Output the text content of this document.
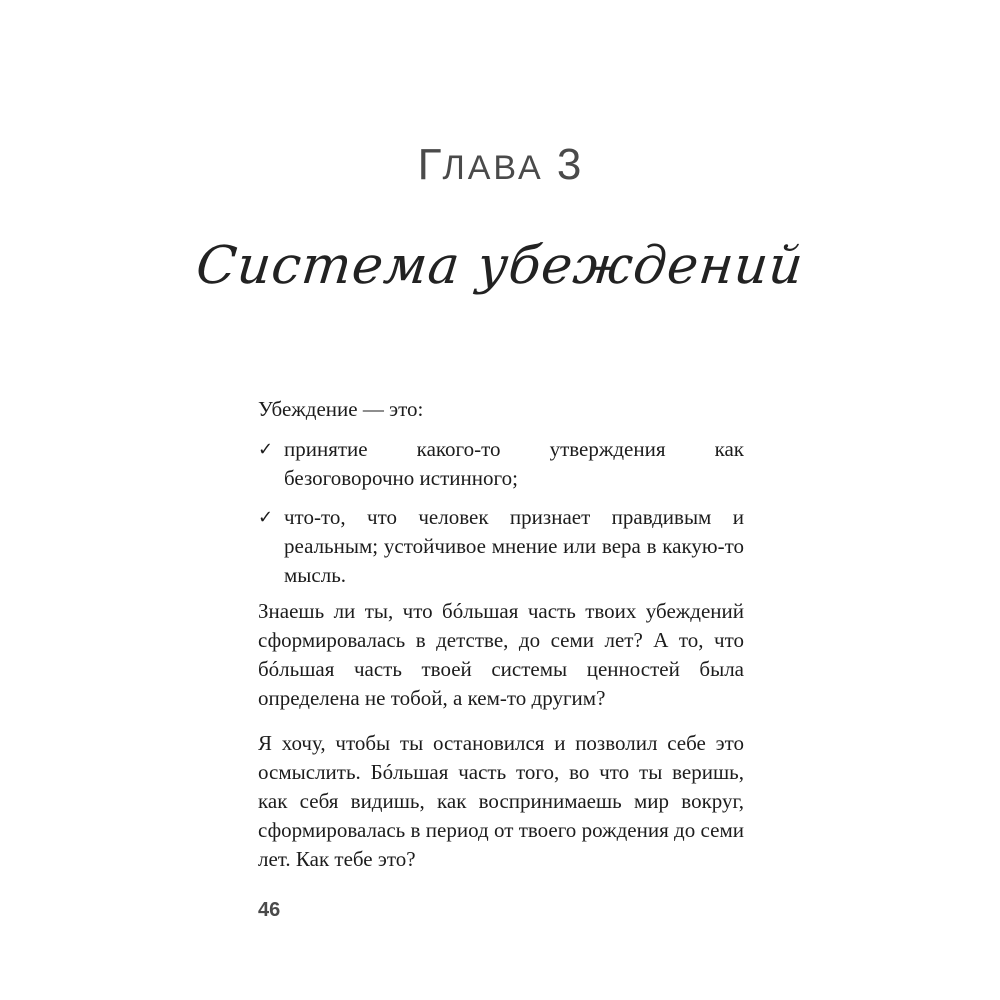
ГЛАВА 3
Система убеждений
Убеждение — это:
✓ принятие какого-то утверждения как безоговорочно истинного;
✓ что-то, что человек признает правдивым и реальным; устойчивое мнение или вера в какую-то мысль.
Знаешь ли ты, что бóльшая часть твоих убеждений сформировалась в детстве, до семи лет? А то, что бóльшая часть твоей системы ценностей была определена не тобой, а кем-то другим?
Я хочу, чтобы ты остановился и позволил себе это осмыслить. Бóльшая часть того, во что ты веришь, как себя видишь, как воспринимаешь мир вокруг, сформировалась в период от твоего рождения до семи лет. Как тебе это?
46
